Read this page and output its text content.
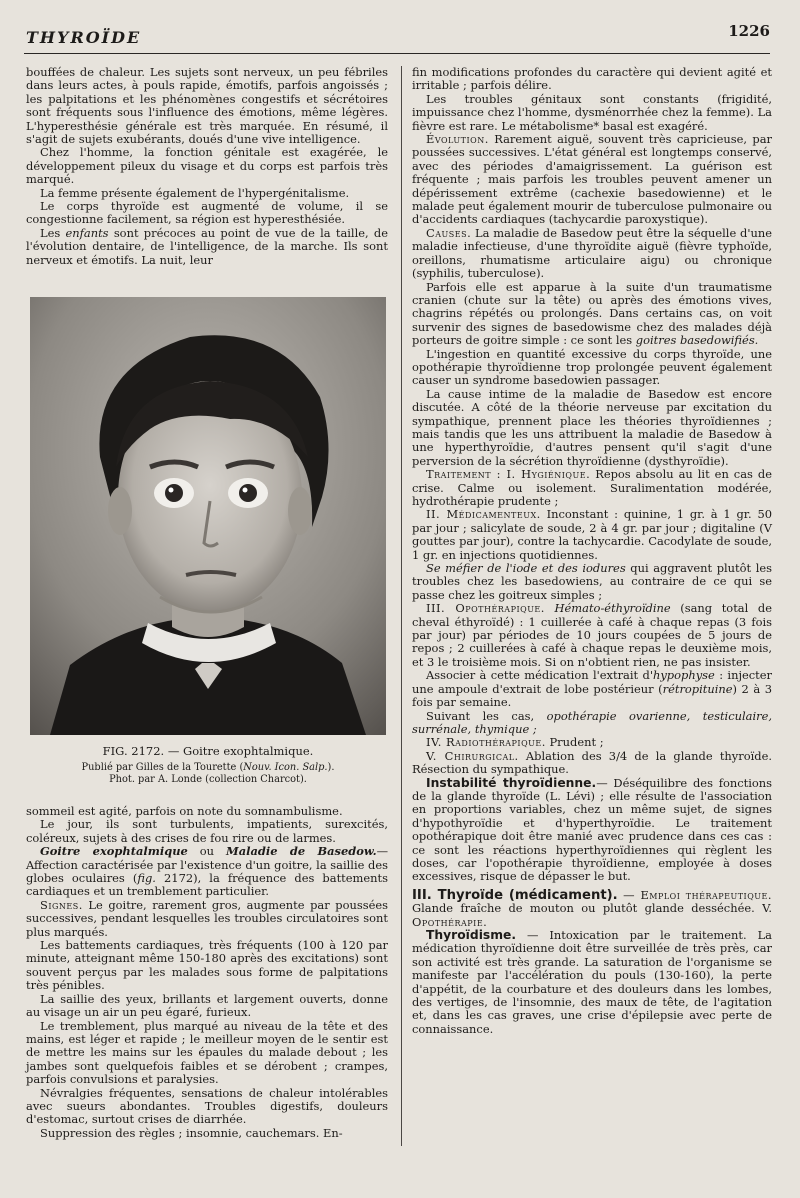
THYROÏDE	1226

bouffées de chaleur. Les sujets sont nerveux, un peu fébriles dans leurs actes, à pouls rapide, émotifs, parfois angoissés ; les palpitations et les phénomènes congestifs et sécrétoires sont fréquents sous l'influence des émotions, même légères. L'hyperesthésie générale est très marquée. En résumé, il s'agit de sujets exubérants, doués d'une vive intelligence.

Chez l'homme, la fonction génitale est exagérée, le développement pileux du visage et du corps est parfois très marqué.

La femme présente également de l'hypergénitalisme.

Le corps thyroïde est augmenté de volume, il se congestionne facilement, sa région est hyperesthésiée.

Les enfants sont précoces au point de vue de la taille, de l'évolution dentaire, de l'intelligence, de la marche. Ils sont nerveux et émotifs. La nuit, leur

FIG. 2172. — Goitre exophtalmique.
Publié par Gilles de la Tourette (Nouv. Icon. Salp.).
Phot. par A. Londe (collection Charcot).

sommeil est agité, parfois on note du somnambulisme.

Le jour, ils sont turbulents, impatients, surexcités, coléreux, sujets à des crises de fou rire ou de larmes.

Goitre exophtalmique ou Maladie de Basedow.— Affection caractérisée par l'existence d'un goitre, la saillie des globes oculaires (fig. 2172), la fréquence des battements cardiaques et un tremblement particulier.

Signes. Le goitre, rarement gros, augmente par poussées successives, pendant lesquelles les troubles circulatoires sont plus marqués.

Les battements cardiaques, très fréquents (100 à 120 par minute, atteignant même 150-180 après des excitations) sont souvent perçus par les malades sous forme de palpitations très pénibles.

La saillie des yeux, brillants et largement ouverts, donne au visage un air un peu égaré, furieux.

Le tremblement, plus marqué au niveau de la tête et des mains, est léger et rapide ; le meilleur moyen de le sentir est de mettre les mains sur les épaules du malade debout ; les jambes sont quelquefois faibles et se dérobent ; crampes, parfois convulsions et paralysies.

Névralgies fréquentes, sensations de chaleur intolérables avec sueurs abondantes. Troubles digestifs, douleurs d'estomac, surtout crises de diarrhée.

Suppression des règles ; insomnie, cauchemars. En-

fin modifications profondes du caractère qui devient agité et irritable ; parfois délire.

Les troubles génitaux sont constants (frigidité, impuissance chez l'homme, dysménorrhée chez la femme). La fièvre est rare. Le métabolisme* basal est exagéré.

Évolution. Rarement aiguë, souvent très capricieuse, par poussées successives. L'état général est longtemps conservé, avec des périodes d'amaigrissement. La guérison est fréquente ; mais parfois les troubles peuvent amener un dépérissement extrême (cachexie basedowienne) et le malade peut également mourir de tuberculose pulmonaire ou d'accidents cardiaques (tachycardie paroxystique).

Causes. La maladie de Basedow peut être la séquelle d'une maladie infectieuse, d'une thyroïdite aiguë (fièvre typhoïde, oreillons, rhumatisme articulaire aigu) ou chronique (syphilis, tuberculose).

Parfois elle est apparue à la suite d'un traumatisme cranien (chute sur la tête) ou après des émotions vives, chagrins répétés ou prolongés. Dans certains cas, on voit survenir des signes de basedowisme chez des malades déjà porteurs de goitre simple : ce sont les goitres basedowifiés.

L'ingestion en quantité excessive du corps thyroïde, une opothérapie thyroïdienne trop prolongée peuvent également causer un syndrome basedowien passager.

La cause intime de la maladie de Basedow est encore discutée. A côté de la théorie nerveuse par excitation du sympathique, prennent place les théories thyroïdiennes ; mais tandis que les uns attribuent la maladie de Basedow à une hyperthyroïdie, d'autres pensent qu'il s'agit d'une perversion de la sécrétion thyroïdienne (dysthyroïdie).

Traitement : I. Hygiénique. Repos absolu au lit en cas de crise. Calme ou isolement. Suralimentation modérée, hydrothérapie prudente ;

II. Médicamenteux. Inconstant : quinine, 1 gr. à 1 gr. 50 par jour ; salicylate de soude, 2 à 4 gr. par jour ; digitaline (V gouttes par jour), contre la tachycardie. Cacodylate de soude, 1 gr. en injections quotidiennes.

Se méfier de l'iode et des iodures qui aggravent plutôt les troubles chez les basedowiens, au contraire de ce qui se passe chez les goitreux simples ;

III. Opothérapique. Hémato-éthyroïdine (sang total de cheval éthyroïdé) : 1 cuillerée à café à chaque repas (3 fois par jour) par périodes de 10 jours coupées de 5 jours de repos ; 2 cuillerées à café à chaque repas le deuxième mois, et 3 le troisième mois. Si on n'obtient rien, ne pas insister.

Associer à cette médication l'extrait d'hypophyse : injecter une ampoule d'extrait de lobe postérieur (rétropituine) 2 à 3 fois par semaine.

Suivant les cas, opothérapie ovarienne, testiculaire, surrénale, thymique ;

IV. Radiothérapique. Prudent ;

V. Chirurgical. Ablation des 3/4 de la glande thyroïde. Résection du sympathique.

Instabilité thyroïdienne.— Déséquilibre des fonctions de la glande thyroïde (L. Lévi) ; elle résulte de l'association en proportions variables, chez un même sujet, de signes d'hypothyroïdie et d'hyperthyroïdie. Le traitement opothérapique doit être manié avec prudence dans ces cas : ce sont les réactions hyperthyroïdiennes qui règlent les doses, car l'opothérapie thyroïdienne, employée à doses excessives, risque de dépasser le but.

III. Thyroïde (médicament). — Emploi thérapeutique. Glande fraîche de mouton ou plutôt glande desséchée. V. Opothérapie.

Thyroïdisme. — Intoxication par le traitement. La médication thyroïdienne doit être surveillée de très près, car son activité est très grande. La saturation de l'organisme se manifeste par l'accélération du pouls (130-160), la perte d'appétit, de la courbature et des douleurs dans les lombes, des vertiges, de l'insomnie, des maux de tête, de l'agitation et, dans les cas graves, une crise d'épilepsie avec perte de connaissance.
